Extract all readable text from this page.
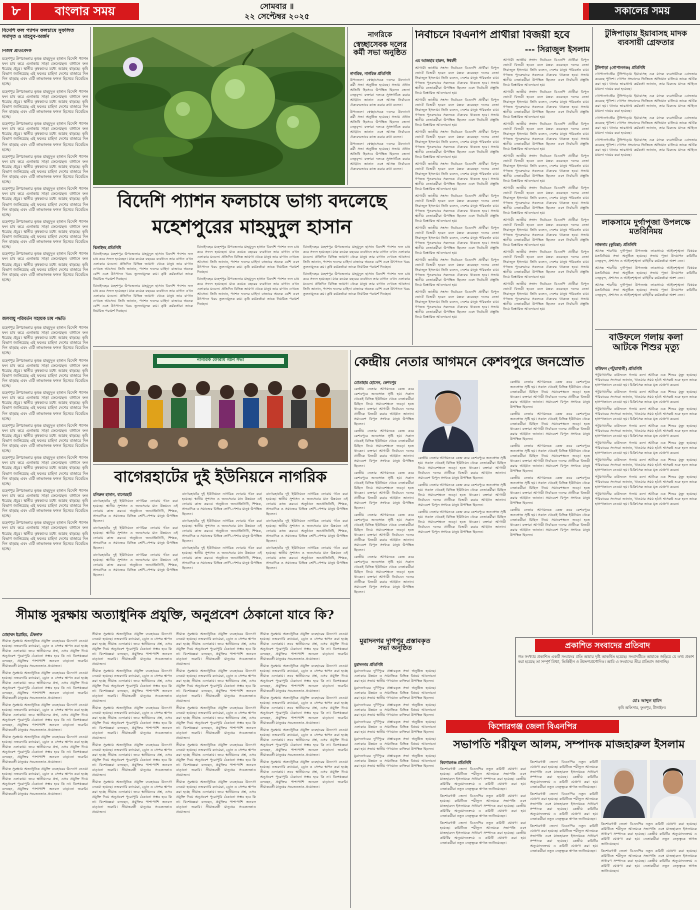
৮	বাংলার সময়	সোমবার ॥
২২ সেপ্টেম্বর ২০২৫	সকালের সময়
বিদেশি ফল প্যাশন ফলচাষে সুফলিত সমাদৃত ও মাহবুব-অর্জন
নিজস্ব প্রতিবেদক

মহেশপুর উপজেলার কৃষক মাহমুদুল হাসান বিদেশি প্যাশন ফল চাষ করে এলাকায় সাড়া ফেলেছেন। বাগানে ফল ধরেছে প্রচুর। স্থানীয় কৃষকদের মধ্যে আগ্রহ বাড়ছে। কৃষি বিভাগ জানিয়েছে এই ফলের চাহিদা দেশের বাজারে দিন দিন বাড়ছে এবং এটি লাভজনক ফসল হিসেবে বিবেচিত হচ্ছে।

মহেশপুর উপজেলার কৃষক মাহমুদুল হাসান বিদেশি প্যাশন ফল চাষ করে এলাকায় সাড়া ফেলেছেন। বাগানে ফল ধরেছে প্রচুর। স্থানীয় কৃষকদের মধ্যে আগ্রহ বাড়ছে। কৃষি বিভাগ জানিয়েছে এই ফলের চাহিদা দেশের বাজারে দিন দিন বাড়ছে এবং এটি লাভজনক ফসল হিসেবে বিবেচিত হচ্ছে।

মহেশপুর উপজেলার কৃষক মাহমুদুল হাসান বিদেশি প্যাশন ফল চাষ করে এলাকায় সাড়া ফেলেছেন। বাগানে ফল ধরেছে প্রচুর। স্থানীয় কৃষকদের মধ্যে আগ্রহ বাড়ছে। কৃষি বিভাগ জানিয়েছে এই ফলের চাহিদা দেশের বাজারে দিন দিন বাড়ছে এবং এটি লাভজনক ফসল হিসেবে বিবেচিত হচ্ছে।

মহেশপুর উপজেলার কৃষক মাহমুদুল হাসান বিদেশি প্যাশন ফল চাষ করে এলাকায় সাড়া ফেলেছেন। বাগানে ফল ধরেছে প্রচুর। স্থানীয় কৃষকদের মধ্যে আগ্রহ বাড়ছে। কৃষি বিভাগ জানিয়েছে এই ফলের চাহিদা দেশের বাজারে দিন দিন বাড়ছে এবং এটি লাভজনক ফসল হিসেবে বিবেচিত হচ্ছে।

মহেশপুর উপজেলার কৃষক মাহমুদুল হাসান বিদেশি প্যাশন ফল চাষ করে এলাকায় সাড়া ফেলেছেন। বাগানে ফল ধরেছে প্রচুর। স্থানীয় কৃষকদের মধ্যে আগ্রহ বাড়ছে। কৃষি বিভাগ জানিয়েছে এই ফলের চাহিদা দেশের বাজারে দিন দিন বাড়ছে এবং এটি লাভজনক ফসল হিসেবে বিবেচিত হচ্ছে।

মহেশপুর উপজেলার কৃষক মাহমুদুল হাসান বিদেশি প্যাশন ফল চাষ করে এলাকায় সাড়া ফেলেছেন। বাগানে ফল ধরেছে প্রচুর। স্থানীয় কৃষকদের মধ্যে আগ্রহ বাড়ছে। কৃষি বিভাগ জানিয়েছে এই ফলের চাহিদা দেশের বাজারে দিন দিন বাড়ছে এবং এটি লাভজনক ফসল হিসেবে বিবেচিত হচ্ছে।

মহেশপুর উপজেলার কৃষক মাহমুদুল হাসান বিদেশি প্যাশন ফল চাষ করে এলাকায় সাড়া ফেলেছেন। বাগানে ফল ধরেছে প্রচুর। স্থানীয় কৃষকদের মধ্যে আগ্রহ বাড়ছে। কৃষি বিভাগ জানিয়েছে এই ফলের চাহিদা দেশের বাজারে দিন দিন বাড়ছে এবং এটি লাভজনক ফসল হিসেবে বিবেচিত হচ্ছে।

জলবায়ু পরিবর্তন সহায়ক চাষ পদ্ধতি

মহেশপুর উপজেলার কৃষক মাহমুদুল হাসান বিদেশি প্যাশন ফল চাষ করে এলাকায় সাড়া ফেলেছেন। বাগানে ফল ধরেছে প্রচুর। স্থানীয় কৃষকদের মধ্যে আগ্রহ বাড়ছে। কৃষি বিভাগ জানিয়েছে এই ফলের চাহিদা দেশের বাজারে দিন দিন বাড়ছে এবং এটি লাভজনক ফসল হিসেবে বিবেচিত হচ্ছে।

মহেশপুর উপজেলার কৃষক মাহমুদুল হাসান বিদেশি প্যাশন ফল চাষ করে এলাকায় সাড়া ফেলেছেন। বাগানে ফল ধরেছে প্রচুর। স্থানীয় কৃষকদের মধ্যে আগ্রহ বাড়ছে। কৃষি বিভাগ জানিয়েছে এই ফলের চাহিদা দেশের বাজারে দিন দিন বাড়ছে এবং এটি লাভজনক ফসল হিসেবে বিবেচিত হচ্ছে।

মহেশপুর উপজেলার কৃষক মাহমুদুল হাসান বিদেশি প্যাশন ফল চাষ করে এলাকায় সাড়া ফেলেছেন। বাগানে ফল ধরেছে প্রচুর। স্থানীয় কৃষকদের মধ্যে আগ্রহ বাড়ছে। কৃষি বিভাগ জানিয়েছে এই ফলের চাহিদা দেশের বাজারে দিন দিন বাড়ছে এবং এটি লাভজনক ফসল হিসেবে বিবেচিত হচ্ছে।

মহেশপুর উপজেলার কৃষক মাহমুদুল হাসান বিদেশি প্যাশন ফল চাষ করে এলাকায় সাড়া ফেলেছেন। বাগানে ফল ধরেছে প্রচুর। স্থানীয় কৃষকদের মধ্যে আগ্রহ বাড়ছে। কৃষি বিভাগ জানিয়েছে এই ফলের চাহিদা দেশের বাজারে দিন দিন বাড়ছে এবং এটি লাভজনক ফসল হিসেবে বিবেচিত হচ্ছে।

মহেশপুর উপজেলার কৃষক মাহমুদুল হাসান বিদেশি প্যাশন ফল চাষ করে এলাকায় সাড়া ফেলেছেন। বাগানে ফল ধরেছে প্রচুর। স্থানীয় কৃষকদের মধ্যে আগ্রহ বাড়ছে। কৃষি বিভাগ জানিয়েছে এই ফলের চাহিদা দেশের বাজারে দিন দিন বাড়ছে এবং এটি লাভজনক ফসল হিসেবে বিবেচিত হচ্ছে।

মহেশপুর উপজেলার কৃষক মাহমুদুল হাসান বিদেশি প্যাশন ফল চাষ করে এলাকায় সাড়া ফেলেছেন। বাগানে ফল ধরেছে প্রচুর। স্থানীয় কৃষকদের মধ্যে আগ্রহ বাড়ছে। কৃষি বিভাগ জানিয়েছে এই ফলের চাহিদা দেশের বাজারে দিন দিন বাড়ছে এবং এটি লাভজনক ফসল হিসেবে বিবেচিত হচ্ছে।

মহেশপুর উপজেলার কৃষক মাহমুদুল হাসান বিদেশি প্যাশন ফল চাষ করে এলাকায় সাড়া ফেলেছেন। বাগানে ফল ধরেছে প্রচুর। স্থানীয় কৃষকদের মধ্যে আগ্রহ বাড়ছে। কৃষি বিভাগ জানিয়েছে এই ফলের চাহিদা দেশের বাজারে দিন দিন বাড়ছে এবং এটি লাভজনক ফসল হিসেবে বিবেচিত হচ্ছে।

নাগরিকে
স্বেচ্ছাসেবক দলের কর্মী সভা অনুষ্ঠিত
নাগরিক, নাগরিক প্রতিনিধি

উপজেলা স্বেচ্ছাসেবক দলের উদ্যোগে কর্মী সভা অনুষ্ঠিত হয়েছে। সভায় প্রধান অতিথি হিসেবে উপস্থিত ছিলেন জেলা নেতৃবৃন্দ। বক্তারা দলকে সুসংগঠিত করার আহ্বান জানান এবং আসন্ন নির্বাচনে ঐক্যবদ্ধভাবে কাজ করার কথা বলেন।

উপজেলা স্বেচ্ছাসেবক দলের উদ্যোগে কর্মী সভা অনুষ্ঠিত হয়েছে। সভায় প্রধান অতিথি হিসেবে উপস্থিত ছিলেন জেলা নেতৃবৃন্দ। বক্তারা দলকে সুসংগঠিত করার আহ্বান জানান এবং আসন্ন নির্বাচনে ঐক্যবদ্ধভাবে কাজ করার কথা বলেন।

উপজেলা স্বেচ্ছাসেবক দলের উদ্যোগে কর্মী সভা অনুষ্ঠিত হয়েছে। সভায় প্রধান অতিথি হিসেবে উপস্থিত ছিলেন জেলা নেতৃবৃন্দ। বক্তারা দলকে সুসংগঠিত করার আহ্বান জানান এবং আসন্ন নির্বাচনে ঐক্যবদ্ধভাবে কাজ করার কথা বলেন।

নির্বাচনে বিএনপি প্রার্থীরা বিজয়ী হবে
--- সিরাজুল ইসলাম
এম আজহার হারুন, ঈশ্বরদী

আগামী জাতীয় সংসদ নির্বাচনে বিএনপি প্রার্থীরা বিপুল ভোটে বিজয়ী হবেন বলে মন্তব্য করেছেন দলের নেতা সিরাজুল ইসলাম। তিনি বলেন, দেশের মানুষ পরিবর্তন চায়। গণতন্ত্র পুনরুদ্ধারে সকলকে ঐক্যবদ্ধ থাকতে হবে। সভায় স্থানীয় নেতাকর্মীরা উপস্থিত ছিলেন এবং নির্বাচনী প্রস্তুতি নিয়ে বিস্তারিত আলোচনা হয়।

আগামী জাতীয় সংসদ নির্বাচনে বিএনপি প্রার্থীরা বিপুল ভোটে বিজয়ী হবেন বলে মন্তব্য করেছেন দলের নেতা সিরাজুল ইসলাম। তিনি বলেন, দেশের মানুষ পরিবর্তন চায়। গণতন্ত্র পুনরুদ্ধারে সকলকে ঐক্যবদ্ধ থাকতে হবে। সভায় স্থানীয় নেতাকর্মীরা উপস্থিত ছিলেন এবং নির্বাচনী প্রস্তুতি নিয়ে বিস্তারিত আলোচনা হয়।

আগামী জাতীয় সংসদ নির্বাচনে বিএনপি প্রার্থীরা বিপুল ভোটে বিজয়ী হবেন বলে মন্তব্য করেছেন দলের নেতা সিরাজুল ইসলাম। তিনি বলেন, দেশের মানুষ পরিবর্তন চায়। গণতন্ত্র পুনরুদ্ধারে সকলকে ঐক্যবদ্ধ থাকতে হবে। সভায় স্থানীয় নেতাকর্মীরা উপস্থিত ছিলেন এবং নির্বাচনী প্রস্তুতি নিয়ে বিস্তারিত আলোচনা হয়।

আগামী জাতীয় সংসদ নির্বাচনে বিএনপি প্রার্থীরা বিপুল ভোটে বিজয়ী হবেন বলে মন্তব্য করেছেন দলের নেতা সিরাজুল ইসলাম। তিনি বলেন, দেশের মানুষ পরিবর্তন চায়। গণতন্ত্র পুনরুদ্ধারে সকলকে ঐক্যবদ্ধ থাকতে হবে। সভায় স্থানীয় নেতাকর্মীরা উপস্থিত ছিলেন এবং নির্বাচনী প্রস্তুতি নিয়ে বিস্তারিত আলোচনা হয়।

আগামী জাতীয় সংসদ নির্বাচনে বিএনপি প্রার্থীরা বিপুল ভোটে বিজয়ী হবেন বলে মন্তব্য করেছেন দলের নেতা সিরাজুল ইসলাম। তিনি বলেন, দেশের মানুষ পরিবর্তন চায়। গণতন্ত্র পুনরুদ্ধারে সকলকে ঐক্যবদ্ধ থাকতে হবে। সভায় স্থানীয় নেতাকর্মীরা উপস্থিত ছিলেন এবং নির্বাচনী প্রস্তুতি নিয়ে বিস্তারিত আলোচনা হয়।

আগামী জাতীয় সংসদ নির্বাচনে বিএনপি প্রার্থীরা বিপুল ভোটে বিজয়ী হবেন বলে মন্তব্য করেছেন দলের নেতা সিরাজুল ইসলাম। তিনি বলেন, দেশের মানুষ পরিবর্তন চায়। গণতন্ত্র পুনরুদ্ধারে সকলকে ঐক্যবদ্ধ থাকতে হবে। সভায় স্থানীয় নেতাকর্মীরা উপস্থিত ছিলেন এবং নির্বাচনী প্রস্তুতি নিয়ে বিস্তারিত আলোচনা হয়।

আগামী জাতীয় সংসদ নির্বাচনে বিএনপি প্রার্থীরা বিপুল ভোটে বিজয়ী হবেন বলে মন্তব্য করেছেন দলের নেতা সিরাজুল ইসলাম। তিনি বলেন, দেশের মানুষ পরিবর্তন চায়। গণতন্ত্র পুনরুদ্ধারে সকলকে ঐক্যবদ্ধ থাকতে হবে। সভায় স্থানীয় নেতাকর্মীরা উপস্থিত ছিলেন এবং নির্বাচনী প্রস্তুতি নিয়ে বিস্তারিত আলোচনা হয়।

আগামী জাতীয় সংসদ নির্বাচনে বিএনপি প্রার্থীরা বিপুল ভোটে বিজয়ী হবেন বলে মন্তব্য করেছেন দলের নেতা সিরাজুল ইসলাম। তিনি বলেন, দেশের মানুষ পরিবর্তন চায়। গণতন্ত্র পুনরুদ্ধারে সকলকে ঐক্যবদ্ধ থাকতে হবে। সভায় স্থানীয় নেতাকর্মীরা উপস্থিত ছিলেন এবং নির্বাচনী প্রস্তুতি নিয়ে বিস্তারিত আলোচনা হয়।

আগামী জাতীয় সংসদ নির্বাচনে বিএনপি প্রার্থীরা বিপুল ভোটে বিজয়ী হবেন বলে মন্তব্য করেছেন দলের নেতা সিরাজুল ইসলাম। তিনি বলেন, দেশের মানুষ পরিবর্তন চায়। গণতন্ত্র পুনরুদ্ধারে সকলকে ঐক্যবদ্ধ থাকতে হবে। সভায় স্থানীয় নেতাকর্মীরা উপস্থিত ছিলেন এবং নির্বাচনী প্রস্তুতি নিয়ে বিস্তারিত আলোচনা হয়।

আগামী জাতীয় সংসদ নির্বাচনে বিএনপি প্রার্থীরা বিপুল ভোটে বিজয়ী হবেন বলে মন্তব্য করেছেন দলের নেতা সিরাজুল ইসলাম। তিনি বলেন, দেশের মানুষ পরিবর্তন চায়। গণতন্ত্র পুনরুদ্ধারে সকলকে ঐক্যবদ্ধ থাকতে হবে। সভায় স্থানীয় নেতাকর্মীরা উপস্থিত ছিলেন এবং নির্বাচনী প্রস্তুতি নিয়ে বিস্তারিত আলোচনা হয়।

আগামী জাতীয় সংসদ নির্বাচনে বিএনপি প্রার্থীরা বিপুল ভোটে বিজয়ী হবেন বলে মন্তব্য করেছেন দলের নেতা সিরাজুল ইসলাম। তিনি বলেন, দেশের মানুষ পরিবর্তন চায়। গণতন্ত্র পুনরুদ্ধারে সকলকে ঐক্যবদ্ধ থাকতে হবে। সভায় স্থানীয় নেতাকর্মীরা উপস্থিত ছিলেন এবং নির্বাচনী প্রস্তুতি নিয়ে বিস্তারিত আলোচনা হয়।

আগামী জাতীয় সংসদ নির্বাচনে বিএনপি প্রার্থীরা বিপুল ভোটে বিজয়ী হবেন বলে মন্তব্য করেছেন দলের নেতা সিরাজুল ইসলাম। তিনি বলেন, দেশের মানুষ পরিবর্তন চায়। গণতন্ত্র পুনরুদ্ধারে সকলকে ঐক্যবদ্ধ থাকতে হবে। সভায় স্থানীয় নেতাকর্মীরা উপস্থিত ছিলেন এবং নির্বাচনী প্রস্তুতি নিয়ে বিস্তারিত আলোচনা হয়।

আগামী জাতীয় সংসদ নির্বাচনে বিএনপি প্রার্থীরা বিপুল ভোটে বিজয়ী হবেন বলে মন্তব্য করেছেন দলের নেতা সিরাজুল ইসলাম। তিনি বলেন, দেশের মানুষ পরিবর্তন চায়। গণতন্ত্র পুনরুদ্ধারে সকলকে ঐক্যবদ্ধ থাকতে হবে। সভায় স্থানীয় নেতাকর্মীরা উপস্থিত ছিলেন এবং নির্বাচনী প্রস্তুতি নিয়ে বিস্তারিত আলোচনা হয়।

আগামী জাতীয় সংসদ নির্বাচনে বিএনপি প্রার্থীরা বিপুল ভোটে বিজয়ী হবেন বলে মন্তব্য করেছেন দলের নেতা সিরাজুল ইসলাম। তিনি বলেন, দেশের মানুষ পরিবর্তন চায়। গণতন্ত্র পুনরুদ্ধারে সকলকে ঐক্যবদ্ধ থাকতে হবে। সভায় স্থানীয় নেতাকর্মীরা উপস্থিত ছিলেন এবং নির্বাচনী প্রস্তুতি নিয়ে বিস্তারিত আলোচনা হয়।

আগামী জাতীয় সংসদ নির্বাচনে বিএনপি প্রার্থীরা বিপুল ভোটে বিজয়ী হবেন বলে মন্তব্য করেছেন দলের নেতা সিরাজুল ইসলাম। তিনি বলেন, দেশের মানুষ পরিবর্তন চায়। গণতন্ত্র পুনরুদ্ধারে সকলকে ঐক্যবদ্ধ থাকতে হবে। সভায় স্থানীয় নেতাকর্মীরা উপস্থিত ছিলেন এবং নির্বাচনী প্রস্তুতি নিয়ে বিস্তারিত আলোচনা হয়।

আগামী জাতীয় সংসদ নির্বাচনে বিএনপি প্রার্থীরা বিপুল ভোটে বিজয়ী হবেন বলে মন্তব্য করেছেন দলের নেতা সিরাজুল ইসলাম। তিনি বলেন, দেশের মানুষ পরিবর্তন চায়। গণতন্ত্র পুনরুদ্ধারে সকলকে ঐক্যবদ্ধ থাকতে হবে। সভায় স্থানীয় নেতাকর্মীরা উপস্থিত ছিলেন এবং নির্বাচনী প্রস্তুতি নিয়ে বিস্তারিত আলোচনা হয়।

টুঙ্গিপাড়ায় ইয়াবাসহ মাদক ব্যবসায়ী গ্রেফতার
টুঙ্গিপাড়া (গোপালগঞ্জ) প্রতিনিধি

গোপালগঞ্জের টুঙ্গিপাড়ায় ইয়াবাসহ এক মাদক ব্যবসায়ীকে গ্রেফতার করেছে পুলিশ। গোপন সংবাদের ভিত্তিতে অভিযান চালিয়ে তাকে আটক করা হয়। থানার ভারপ্রাপ্ত কর্মকর্তা জানান, তার বিরুদ্ধে মাদক আইনে মামলা দায়ের করা হয়েছে।

গোপালগঞ্জের টুঙ্গিপাড়ায় ইয়াবাসহ এক মাদক ব্যবসায়ীকে গ্রেফতার করেছে পুলিশ। গোপন সংবাদের ভিত্তিতে অভিযান চালিয়ে তাকে আটক করা হয়। থানার ভারপ্রাপ্ত কর্মকর্তা জানান, তার বিরুদ্ধে মাদক আইনে মামলা দায়ের করা হয়েছে।

গোপালগঞ্জের টুঙ্গিপাড়ায় ইয়াবাসহ এক মাদক ব্যবসায়ীকে গ্রেফতার করেছে পুলিশ। গোপন সংবাদের ভিত্তিতে অভিযান চালিয়ে তাকে আটক করা হয়। থানার ভারপ্রাপ্ত কর্মকর্তা জানান, তার বিরুদ্ধে মাদক আইনে মামলা দায়ের করা হয়েছে।

গোপালগঞ্জের টুঙ্গিপাড়ায় ইয়াবাসহ এক মাদক ব্যবসায়ীকে গ্রেফতার করেছে পুলিশ। গোপন সংবাদের ভিত্তিতে অভিযান চালিয়ে তাকে আটক করা হয়। থানার ভারপ্রাপ্ত কর্মকর্তা জানান, তার বিরুদ্ধে মাদক আইনে মামলা দায়ের করা হয়েছে।

লাকসামে দুর্গাপূজা উপলক্ষে মতবিনিময়
লাকসাম (কুমিল্লা) প্রতিনিধি

আসন্ন শারদীয় দুর্গাপূজা উপলক্ষে লাকসামে আইনশৃঙ্খলা বিষয়ক মতবিনিময় সভা অনুষ্ঠিত হয়েছে। সভায় পূজা উদযাপন কমিটির নেতৃবৃন্দ, প্রশাসন ও আইনশৃঙ্খলা বাহিনীর কর্মকর্তারা অংশ নেন।

আসন্ন শারদীয় দুর্গাপূজা উপলক্ষে লাকসামে আইনশৃঙ্খলা বিষয়ক মতবিনিময় সভা অনুষ্ঠিত হয়েছে। সভায় পূজা উদযাপন কমিটির নেতৃবৃন্দ, প্রশাসন ও আইনশৃঙ্খলা বাহিনীর কর্মকর্তারা অংশ নেন।

আসন্ন শারদীয় দুর্গাপূজা উপলক্ষে লাকসামে আইনশৃঙ্খলা বিষয়ক মতবিনিময় সভা অনুষ্ঠিত হয়েছে। সভায় পূজা উদযাপন কমিটির নেতৃবৃন্দ, প্রশাসন ও আইনশৃঙ্খলা বাহিনীর কর্মকর্তারা অংশ নেন।

বাউফলে গলায় কলা আটকে শিশুর মৃত্যু
বাউফল (পটুয়াখালী) প্রতিনিধি

পটুয়াখালীর বাউফলে গলায় কলা আটকে এক শিশুর মৃত্যু হয়েছে। পরিবারের সদস্যরা জানান, খাওয়ার সময় হঠাৎ শ্বাসকষ্ট শুরু হলে তাকে হাসপাতালে নেওয়া হয়। চিকিৎসক তাকে মৃত ঘোষণা করেন।

পটুয়াখালীর বাউফলে গলায় কলা আটকে এক শিশুর মৃত্যু হয়েছে। পরিবারের সদস্যরা জানান, খাওয়ার সময় হঠাৎ শ্বাসকষ্ট শুরু হলে তাকে হাসপাতালে নেওয়া হয়। চিকিৎসক তাকে মৃত ঘোষণা করেন।

পটুয়াখালীর বাউফলে গলায় কলা আটকে এক শিশুর মৃত্যু হয়েছে। পরিবারের সদস্যরা জানান, খাওয়ার সময় হঠাৎ শ্বাসকষ্ট শুরু হলে তাকে হাসপাতালে নেওয়া হয়। চিকিৎসক তাকে মৃত ঘোষণা করেন।

পটুয়াখালীর বাউফলে গলায় কলা আটকে এক শিশুর মৃত্যু হয়েছে। পরিবারের সদস্যরা জানান, খাওয়ার সময় হঠাৎ শ্বাসকষ্ট শুরু হলে তাকে হাসপাতালে নেওয়া হয়। চিকিৎসক তাকে মৃত ঘোষণা করেন।

পটুয়াখালীর বাউফলে গলায় কলা আটকে এক শিশুর মৃত্যু হয়েছে। পরিবারের সদস্যরা জানান, খাওয়ার সময় হঠাৎ শ্বাসকষ্ট শুরু হলে তাকে হাসপাতালে নেওয়া হয়। চিকিৎসক তাকে মৃত ঘোষণা করেন।

পটুয়াখালীর বাউফলে গলায় কলা আটকে এক শিশুর মৃত্যু হয়েছে। পরিবারের সদস্যরা জানান, খাওয়ার সময় হঠাৎ শ্বাসকষ্ট শুরু হলে তাকে হাসপাতালে নেওয়া হয়। চিকিৎসক তাকে মৃত ঘোষণা করেন।

পটুয়াখালীর বাউফলে গলায় কলা আটকে এক শিশুর মৃত্যু হয়েছে। পরিবারের সদস্যরা জানান, খাওয়ার সময় হঠাৎ শ্বাসকষ্ট শুরু হলে তাকে হাসপাতালে নেওয়া হয়। চিকিৎসক তাকে মৃত ঘোষণা করেন।

পটুয়াখালীর বাউফলে গলায় কলা আটকে এক শিশুর মৃত্যু হয়েছে। পরিবারের সদস্যরা জানান, খাওয়ার সময় হঠাৎ শ্বাসকষ্ট শুরু হলে তাকে হাসপাতালে নেওয়া হয়। চিকিৎসক তাকে মৃত ঘোষণা করেন।

বিদেশি প্যাশন ফলচাষে ভাগ্য বদলেছে
মহেশপুরের মাহমুদুল হাসান
ঝিনাইদহ প্রতিনিধি

ঝিনাইদহের মহেশপুর উপজেলার মাহমুদুল হাসান বিদেশি প্যাশন ফল চাষ করে সফল হয়েছেন। মাত্র কয়েক বছরের ব্যবধানে তার বাগান এখন এলাকার মডেল। প্রতিদিন বিভিন্ন জায়গা থেকে মানুষ তার বাগান দেখতে আসেন। তিনি জানান, প্যাশন ফলের চাহিদা বাজারে অনেক বেশি এবং উৎপাদন খরচ তুলনামূলক কম। কৃষি কর্মকর্তারা তাকে নিয়মিত পরামর্শ দিচ্ছেন।

ঝিনাইদহের মহেশপুর উপজেলার মাহমুদুল হাসান বিদেশি প্যাশন ফল চাষ করে সফল হয়েছেন। মাত্র কয়েক বছরের ব্যবধানে তার বাগান এখন এলাকার মডেল। প্রতিদিন বিভিন্ন জায়গা থেকে মানুষ তার বাগান দেখতে আসেন। তিনি জানান, প্যাশন ফলের চাহিদা বাজারে অনেক বেশি এবং উৎপাদন খরচ তুলনামূলক কম। কৃষি কর্মকর্তারা তাকে নিয়মিত পরামর্শ দিচ্ছেন।

ঝিনাইদহের মহেশপুর উপজেলার মাহমুদুল হাসান বিদেশি প্যাশন ফল চাষ করে সফল হয়েছেন। মাত্র কয়েক বছরের ব্যবধানে তার বাগান এখন এলাকার মডেল। প্রতিদিন বিভিন্ন জায়গা থেকে মানুষ তার বাগান দেখতে আসেন। তিনি জানান, প্যাশন ফলের চাহিদা বাজারে অনেক বেশি এবং উৎপাদন খরচ তুলনামূলক কম। কৃষি কর্মকর্তারা তাকে নিয়মিত পরামর্শ দিচ্ছেন।

ঝিনাইদহের মহেশপুর উপজেলার মাহমুদুল হাসান বিদেশি প্যাশন ফল চাষ করে সফল হয়েছেন। মাত্র কয়েক বছরের ব্যবধানে তার বাগান এখন এলাকার মডেল। প্রতিদিন বিভিন্ন জায়গা থেকে মানুষ তার বাগান দেখতে আসেন। তিনি জানান, প্যাশন ফলের চাহিদা বাজারে অনেক বেশি এবং উৎপাদন খরচ তুলনামূলক কম। কৃষি কর্মকর্তারা তাকে নিয়মিত পরামর্শ দিচ্ছেন।

ঝিনাইদহের মহেশপুর উপজেলার মাহমুদুল হাসান বিদেশি প্যাশন ফল চাষ করে সফল হয়েছেন। মাত্র কয়েক বছরের ব্যবধানে তার বাগান এখন এলাকার মডেল। প্রতিদিন বিভিন্ন জায়গা থেকে মানুষ তার বাগান দেখতে আসেন। তিনি জানান, প্যাশন ফলের চাহিদা বাজারে অনেক বেশি এবং উৎপাদন খরচ তুলনামূলক কম। কৃষি কর্মকর্তারা তাকে নিয়মিত পরামর্শ দিচ্ছেন।

ঝিনাইদহের মহেশপুর উপজেলার মাহমুদুল হাসান বিদেশি প্যাশন ফল চাষ করে সফল হয়েছেন। মাত্র কয়েক বছরের ব্যবধানে তার বাগান এখন এলাকার মডেল। প্রতিদিন বিভিন্ন জায়গা থেকে মানুষ তার বাগান দেখতে আসেন। তিনি জানান, প্যাশন ফলের চাহিদা বাজারে অনেক বেশি এবং উৎপাদন খরচ তুলনামূলক কম। কৃষি কর্মকর্তারা তাকে নিয়মিত পরামর্শ দিচ্ছেন।

নাগরিক ফোরাম গঠন সভা
বাগেরহাটের দুই ইউনিয়নে নাগরিক
মনিরুল হাসান, বাগেরহাট

বাগেরহাটের দুই ইউনিয়নে নাগরিক ফোরাম গঠন করা হয়েছে। স্থানীয় সুশাসন ও জনসেবার মান উন্নয়নে এই ফোরাম কাজ করবে। অনুষ্ঠানে জনপ্রতিনিধি, শিক্ষক, সাংবাদিক ও সমাজের বিভিন্ন শ্রেণি-পেশার মানুষ উপস্থিত ছিলেন।

বাগেরহাটের দুই ইউনিয়নে নাগরিক ফোরাম গঠন করা হয়েছে। স্থানীয় সুশাসন ও জনসেবার মান উন্নয়নে এই ফোরাম কাজ করবে। অনুষ্ঠানে জনপ্রতিনিধি, শিক্ষক, সাংবাদিক ও সমাজের বিভিন্ন শ্রেণি-পেশার মানুষ উপস্থিত ছিলেন।

বাগেরহাটের দুই ইউনিয়নে নাগরিক ফোরাম গঠন করা হয়েছে। স্থানীয় সুশাসন ও জনসেবার মান উন্নয়নে এই ফোরাম কাজ করবে। অনুষ্ঠানে জনপ্রতিনিধি, শিক্ষক, সাংবাদিক ও সমাজের বিভিন্ন শ্রেণি-পেশার মানুষ উপস্থিত ছিলেন।

বাগেরহাটের দুই ইউনিয়নে নাগরিক ফোরাম গঠন করা হয়েছে। স্থানীয় সুশাসন ও জনসেবার মান উন্নয়নে এই ফোরাম কাজ করবে। অনুষ্ঠানে জনপ্রতিনিধি, শিক্ষক, সাংবাদিক ও সমাজের বিভিন্ন শ্রেণি-পেশার মানুষ উপস্থিত ছিলেন।

বাগেরহাটের দুই ইউনিয়নে নাগরিক ফোরাম গঠন করা হয়েছে। স্থানীয় সুশাসন ও জনসেবার মান উন্নয়নে এই ফোরাম কাজ করবে। অনুষ্ঠানে জনপ্রতিনিধি, শিক্ষক, সাংবাদিক ও সমাজের বিভিন্ন শ্রেণি-পেশার মানুষ উপস্থিত ছিলেন।

বাগেরহাটের দুই ইউনিয়নে নাগরিক ফোরাম গঠন করা হয়েছে। স্থানীয় সুশাসন ও জনসেবার মান উন্নয়নে এই ফোরাম কাজ করবে। অনুষ্ঠানে জনপ্রতিনিধি, শিক্ষক, সাংবাদিক ও সমাজের বিভিন্ন শ্রেণি-পেশার মানুষ উপস্থিত ছিলেন।

বাগেরহাটের দুই ইউনিয়নে নাগরিক ফোরাম গঠন করা হয়েছে। স্থানীয় সুশাসন ও জনসেবার মান উন্নয়নে এই ফোরাম কাজ করবে। অনুষ্ঠানে জনপ্রতিনিধি, শিক্ষক, সাংবাদিক ও সমাজের বিভিন্ন শ্রেণি-পেশার মানুষ উপস্থিত ছিলেন।

বাগেরহাটের দুই ইউনিয়নে নাগরিক ফোরাম গঠন করা হয়েছে। স্থানীয় সুশাসন ও জনসেবার মান উন্নয়নে এই ফোরাম কাজ করবে। অনুষ্ঠানে জনপ্রতিনিধি, শিক্ষক, সাংবাদিক ও সমাজের বিভিন্ন শ্রেণি-পেশার মানুষ উপস্থিত ছিলেন।

বাগেরহাটের দুই ইউনিয়নে নাগরিক ফোরাম গঠন করা হয়েছে। স্থানীয় সুশাসন ও জনসেবার মান উন্নয়নে এই ফোরাম কাজ করবে। অনুষ্ঠানে জনপ্রতিনিধি, শিক্ষক, সাংবাদিক ও সমাজের বিভিন্ন শ্রেণি-পেশার মানুষ উপস্থিত ছিলেন।

কেন্দ্রীয় নেতার আগমনে কেশবপুরে জনস্রোত
মোতাহার হোসেন, কেশবপুর

কেন্দ্রীয় নেতার আগমনকে কেন্দ্র করে কেশবপুরে জনস্রোত সৃষ্টি হয়। সকাল থেকেই বিভিন্ন ইউনিয়ন থেকে নেতাকর্মীরা মিছিল নিয়ে সমাবেশস্থলে জড়ো হতে থাকেন। বক্তারা আগামী নির্বাচনে দলের প্রার্থীকে বিজয়ী করার আহ্বান জানান। সমাবেশে বিপুল সংখ্যক মানুষ উপস্থিত ছিলেন।

কেন্দ্রীয় নেতার আগমনকে কেন্দ্র করে কেশবপুরে জনস্রোত সৃষ্টি হয়। সকাল থেকেই বিভিন্ন ইউনিয়ন থেকে নেতাকর্মীরা মিছিল নিয়ে সমাবেশস্থলে জড়ো হতে থাকেন। বক্তারা আগামী নির্বাচনে দলের প্রার্থীকে বিজয়ী করার আহ্বান জানান। সমাবেশে বিপুল সংখ্যক মানুষ উপস্থিত ছিলেন।

কেন্দ্রীয় নেতার আগমনকে কেন্দ্র করে কেশবপুরে জনস্রোত সৃষ্টি হয়। সকাল থেকেই বিভিন্ন ইউনিয়ন থেকে নেতাকর্মীরা মিছিল নিয়ে সমাবেশস্থলে জড়ো হতে থাকেন। বক্তারা আগামী নির্বাচনে দলের প্রার্থীকে বিজয়ী করার আহ্বান জানান। সমাবেশে বিপুল সংখ্যক মানুষ উপস্থিত ছিলেন।

কেন্দ্রীয় নেতার আগমনকে কেন্দ্র করে কেশবপুরে জনস্রোত সৃষ্টি হয়। সকাল থেকেই বিভিন্ন ইউনিয়ন থেকে নেতাকর্মীরা মিছিল নিয়ে সমাবেশস্থলে জড়ো হতে থাকেন। বক্তারা আগামী নির্বাচনে দলের প্রার্থীকে বিজয়ী করার আহ্বান জানান। সমাবেশে বিপুল সংখ্যক মানুষ উপস্থিত ছিলেন।

কেন্দ্রীয় নেতার আগমনকে কেন্দ্র করে কেশবপুরে জনস্রোত সৃষ্টি হয়। সকাল থেকেই বিভিন্ন ইউনিয়ন থেকে নেতাকর্মীরা মিছিল নিয়ে সমাবেশস্থলে জড়ো হতে থাকেন। বক্তারা আগামী নির্বাচনে দলের প্রার্থীকে বিজয়ী করার আহ্বান জানান। সমাবেশে বিপুল সংখ্যক মানুষ উপস্থিত ছিলেন।

কেন্দ্রীয় নেতার আগমনকে কেন্দ্র করে কেশবপুরে জনস্রোত সৃষ্টি হয়। সকাল থেকেই বিভিন্ন ইউনিয়ন থেকে নেতাকর্মীরা মিছিল নিয়ে সমাবেশস্থলে জড়ো হতে থাকেন। বক্তারা আগামী নির্বাচনে দলের প্রার্থীকে বিজয়ী করার আহ্বান জানান। সমাবেশে বিপুল সংখ্যক মানুষ উপস্থিত ছিলেন।

কেন্দ্রীয় নেতার আগমনকে কেন্দ্র করে কেশবপুরে জনস্রোত সৃষ্টি হয়। সকাল থেকেই বিভিন্ন ইউনিয়ন থেকে নেতাকর্মীরা মিছিল নিয়ে সমাবেশস্থলে জড়ো হতে থাকেন। বক্তারা আগামী নির্বাচনে দলের প্রার্থীকে বিজয়ী করার আহ্বান জানান। সমাবেশে বিপুল সংখ্যক মানুষ উপস্থিত ছিলেন।

কেন্দ্রীয় নেতার আগমনকে কেন্দ্র করে কেশবপুরে জনস্রোত সৃষ্টি হয়। সকাল থেকেই বিভিন্ন ইউনিয়ন থেকে নেতাকর্মীরা মিছিল নিয়ে সমাবেশস্থলে জড়ো হতে থাকেন। বক্তারা আগামী নির্বাচনে দলের প্রার্থীকে বিজয়ী করার আহ্বান জানান। সমাবেশে বিপুল সংখ্যক মানুষ উপস্থিত ছিলেন।

কেন্দ্রীয় নেতার আগমনকে কেন্দ্র করে কেশবপুরে জনস্রোত সৃষ্টি হয়। সকাল থেকেই বিভিন্ন ইউনিয়ন থেকে নেতাকর্মীরা মিছিল নিয়ে সমাবেশস্থলে জড়ো হতে থাকেন। বক্তারা আগামী নির্বাচনে দলের প্রার্থীকে বিজয়ী করার আহ্বান জানান। সমাবেশে বিপুল সংখ্যক মানুষ উপস্থিত ছিলেন।

কেন্দ্রীয় নেতার আগমনকে কেন্দ্র করে কেশবপুরে জনস্রোত সৃষ্টি হয়। সকাল থেকেই বিভিন্ন ইউনিয়ন থেকে নেতাকর্মীরা মিছিল নিয়ে সমাবেশস্থলে জড়ো হতে থাকেন। বক্তারা আগামী নির্বাচনে দলের প্রার্থীকে বিজয়ী করার আহ্বান জানান। সমাবেশে বিপুল সংখ্যক মানুষ উপস্থিত ছিলেন।

কেন্দ্রীয় নেতার আগমনকে কেন্দ্র করে কেশবপুরে জনস্রোত সৃষ্টি হয়। সকাল থেকেই বিভিন্ন ইউনিয়ন থেকে নেতাকর্মীরা মিছিল নিয়ে সমাবেশস্থলে জড়ো হতে থাকেন। বক্তারা আগামী নির্বাচনে দলের প্রার্থীকে বিজয়ী করার আহ্বান জানান। সমাবেশে বিপুল সংখ্যক মানুষ উপস্থিত ছিলেন।

কেন্দ্রীয় নেতার আগমনকে কেন্দ্র করে কেশবপুরে জনস্রোত সৃষ্টি হয়। সকাল থেকেই বিভিন্ন ইউনিয়ন থেকে নেতাকর্মীরা মিছিল নিয়ে সমাবেশস্থলে জড়ো হতে থাকেন। বক্তারা আগামী নির্বাচনে দলের প্রার্থীকে বিজয়ী করার আহ্বান জানান। সমাবেশে বিপুল সংখ্যক মানুষ উপস্থিত ছিলেন।

কেন্দ্রীয় নেতার আগমনকে কেন্দ্র করে কেশবপুরে জনস্রোত সৃষ্টি হয়। সকাল থেকেই বিভিন্ন ইউনিয়ন থেকে নেতাকর্মীরা মিছিল নিয়ে সমাবেশস্থলে জড়ো হতে থাকেন। বক্তারা আগামী নির্বাচনে দলের প্রার্থীকে বিজয়ী করার আহ্বান জানান। সমাবেশে বিপুল সংখ্যক মানুষ উপস্থিত ছিলেন।

সীমান্ত সুরক্ষায় অত্যাধুনিক প্রযুক্তি, অনুপ্রবেশ ঠেকানো যাবে কি?
মোহাম্মদ ইব্রাহিম, টেকনাফ

সীমান্ত সুরক্ষায় অত্যাধুনিক প্রযুক্তি ব্যবহারের উদ্যোগ নেওয়া হয়েছে। নজরদারি ক্যামেরা, ড্রোন ও সেন্সর স্থাপন করা হচ্ছে সীমান্ত এলাকায়। তবে স্থানীয়দের প্রশ্ন, এসব প্রযুক্তি দিয়ে অনুপ্রবেশ পুরোপুরি ঠেকানো সম্ভব হবে কি না। বিশেষজ্ঞরা বলছেন, প্রযুক্তির পাশাপাশি জনবল বাড়ানো জরুরি। সীমান্তবর্তী মানুষের সচেতনতাও প্রয়োজন।

সীমান্ত সুরক্ষায় অত্যাধুনিক প্রযুক্তি ব্যবহারের উদ্যোগ নেওয়া হয়েছে। নজরদারি ক্যামেরা, ড্রোন ও সেন্সর স্থাপন করা হচ্ছে সীমান্ত এলাকায়। তবে স্থানীয়দের প্রশ্ন, এসব প্রযুক্তি দিয়ে অনুপ্রবেশ পুরোপুরি ঠেকানো সম্ভব হবে কি না। বিশেষজ্ঞরা বলছেন, প্রযুক্তির পাশাপাশি জনবল বাড়ানো জরুরি। সীমান্তবর্তী মানুষের সচেতনতাও প্রয়োজন।

সীমান্ত সুরক্ষায় অত্যাধুনিক প্রযুক্তি ব্যবহারের উদ্যোগ নেওয়া হয়েছে। নজরদারি ক্যামেরা, ড্রোন ও সেন্সর স্থাপন করা হচ্ছে সীমান্ত এলাকায়। তবে স্থানীয়দের প্রশ্ন, এসব প্রযুক্তি দিয়ে অনুপ্রবেশ পুরোপুরি ঠেকানো সম্ভব হবে কি না। বিশেষজ্ঞরা বলছেন, প্রযুক্তির পাশাপাশি জনবল বাড়ানো জরুরি। সীমান্তবর্তী মানুষের সচেতনতাও প্রয়োজন।

সীমান্ত সুরক্ষায় অত্যাধুনিক প্রযুক্তি ব্যবহারের উদ্যোগ নেওয়া হয়েছে। নজরদারি ক্যামেরা, ড্রোন ও সেন্সর স্থাপন করা হচ্ছে সীমান্ত এলাকায়। তবে স্থানীয়দের প্রশ্ন, এসব প্রযুক্তি দিয়ে অনুপ্রবেশ পুরোপুরি ঠেকানো সম্ভব হবে কি না। বিশেষজ্ঞরা বলছেন, প্রযুক্তির পাশাপাশি জনবল বাড়ানো জরুরি। সীমান্তবর্তী মানুষের সচেতনতাও প্রয়োজন।

সীমান্ত সুরক্ষায় অত্যাধুনিক প্রযুক্তি ব্যবহারের উদ্যোগ নেওয়া হয়েছে। নজরদারি ক্যামেরা, ড্রোন ও সেন্সর স্থাপন করা হচ্ছে সীমান্ত এলাকায়। তবে স্থানীয়দের প্রশ্ন, এসব প্রযুক্তি দিয়ে অনুপ্রবেশ পুরোপুরি ঠেকানো সম্ভব হবে কি না। বিশেষজ্ঞরা বলছেন, প্রযুক্তির পাশাপাশি জনবল বাড়ানো জরুরি। সীমান্তবর্তী মানুষের সচেতনতাও প্রয়োজন।

সীমান্ত সুরক্ষায় অত্যাধুনিক প্রযুক্তি ব্যবহারের উদ্যোগ নেওয়া হয়েছে। নজরদারি ক্যামেরা, ড্রোন ও সেন্সর স্থাপন করা হচ্ছে সীমান্ত এলাকায়। তবে স্থানীয়দের প্রশ্ন, এসব প্রযুক্তি দিয়ে অনুপ্রবেশ পুরোপুরি ঠেকানো সম্ভব হবে কি না। বিশেষজ্ঞরা বলছেন, প্রযুক্তির পাশাপাশি জনবল বাড়ানো জরুরি। সীমান্তবর্তী মানুষের সচেতনতাও প্রয়োজন।

সীমান্ত সুরক্ষায় অত্যাধুনিক প্রযুক্তি ব্যবহারের উদ্যোগ নেওয়া হয়েছে। নজরদারি ক্যামেরা, ড্রোন ও সেন্সর স্থাপন করা হচ্ছে সীমান্ত এলাকায়। তবে স্থানীয়দের প্রশ্ন, এসব প্রযুক্তি দিয়ে অনুপ্রবেশ পুরোপুরি ঠেকানো সম্ভব হবে কি না। বিশেষজ্ঞরা বলছেন, প্রযুক্তির পাশাপাশি জনবল বাড়ানো জরুরি। সীমান্তবর্তী মানুষের সচেতনতাও প্রয়োজন।

সীমান্ত সুরক্ষায় অত্যাধুনিক প্রযুক্তি ব্যবহারের উদ্যোগ নেওয়া হয়েছে। নজরদারি ক্যামেরা, ড্রোন ও সেন্সর স্থাপন করা হচ্ছে সীমান্ত এলাকায়। তবে স্থানীয়দের প্রশ্ন, এসব প্রযুক্তি দিয়ে অনুপ্রবেশ পুরোপুরি ঠেকানো সম্ভব হবে কি না। বিশেষজ্ঞরা বলছেন, প্রযুক্তির পাশাপাশি জনবল বাড়ানো জরুরি। সীমান্তবর্তী মানুষের সচেতনতাও প্রয়োজন।

সীমান্ত সুরক্ষায় অত্যাধুনিক প্রযুক্তি ব্যবহারের উদ্যোগ নেওয়া হয়েছে। নজরদারি ক্যামেরা, ড্রোন ও সেন্সর স্থাপন করা হচ্ছে সীমান্ত এলাকায়। তবে স্থানীয়দের প্রশ্ন, এসব প্রযুক্তি দিয়ে অনুপ্রবেশ পুরোপুরি ঠেকানো সম্ভব হবে কি না। বিশেষজ্ঞরা বলছেন, প্রযুক্তির পাশাপাশি জনবল বাড়ানো জরুরি। সীমান্তবর্তী মানুষের সচেতনতাও প্রয়োজন।

সীমান্ত সুরক্ষায় অত্যাধুনিক প্রযুক্তি ব্যবহারের উদ্যোগ নেওয়া হয়েছে। নজরদারি ক্যামেরা, ড্রোন ও সেন্সর স্থাপন করা হচ্ছে সীমান্ত এলাকায়। তবে স্থানীয়দের প্রশ্ন, এসব প্রযুক্তি দিয়ে অনুপ্রবেশ পুরোপুরি ঠেকানো সম্ভব হবে কি না। বিশেষজ্ঞরা বলছেন, প্রযুক্তির পাশাপাশি জনবল বাড়ানো জরুরি। সীমান্তবর্তী মানুষের সচেতনতাও প্রয়োজন।

সীমান্ত সুরক্ষায় অত্যাধুনিক প্রযুক্তি ব্যবহারের উদ্যোগ নেওয়া হয়েছে। নজরদারি ক্যামেরা, ড্রোন ও সেন্সর স্থাপন করা হচ্ছে সীমান্ত এলাকায়। তবে স্থানীয়দের প্রশ্ন, এসব প্রযুক্তি দিয়ে অনুপ্রবেশ পুরোপুরি ঠেকানো সম্ভব হবে কি না। বিশেষজ্ঞরা বলছেন, প্রযুক্তির পাশাপাশি জনবল বাড়ানো জরুরি। সীমান্তবর্তী মানুষের সচেতনতাও প্রয়োজন।

সীমান্ত সুরক্ষায় অত্যাধুনিক প্রযুক্তি ব্যবহারের উদ্যোগ নেওয়া হয়েছে। নজরদারি ক্যামেরা, ড্রোন ও সেন্সর স্থাপন করা হচ্ছে সীমান্ত এলাকায়। তবে স্থানীয়দের প্রশ্ন, এসব প্রযুক্তি দিয়ে অনুপ্রবেশ পুরোপুরি ঠেকানো সম্ভব হবে কি না। বিশেষজ্ঞরা বলছেন, প্রযুক্তির পাশাপাশি জনবল বাড়ানো জরুরি। সীমান্তবর্তী মানুষের সচেতনতাও প্রয়োজন।

সীমান্ত সুরক্ষায় অত্যাধুনিক প্রযুক্তি ব্যবহারের উদ্যোগ নেওয়া হয়েছে। নজরদারি ক্যামেরা, ড্রোন ও সেন্সর স্থাপন করা হচ্ছে সীমান্ত এলাকায়। তবে স্থানীয়দের প্রশ্ন, এসব প্রযুক্তি দিয়ে অনুপ্রবেশ পুরোপুরি ঠেকানো সম্ভব হবে কি না। বিশেষজ্ঞরা বলছেন, প্রযুক্তির পাশাপাশি জনবল বাড়ানো জরুরি। সীমান্তবর্তী মানুষের সচেতনতাও প্রয়োজন।

সীমান্ত সুরক্ষায় অত্যাধুনিক প্রযুক্তি ব্যবহারের উদ্যোগ নেওয়া হয়েছে। নজরদারি ক্যামেরা, ড্রোন ও সেন্সর স্থাপন করা হচ্ছে সীমান্ত এলাকায়। তবে স্থানীয়দের প্রশ্ন, এসব প্রযুক্তি দিয়ে অনুপ্রবেশ পুরোপুরি ঠেকানো সম্ভব হবে কি না। বিশেষজ্ঞরা বলছেন, প্রযুক্তির পাশাপাশি জনবল বাড়ানো জরুরি। সীমান্তবর্তী মানুষের সচেতনতাও প্রয়োজন।

সীমান্ত সুরক্ষায় অত্যাধুনিক প্রযুক্তি ব্যবহারের উদ্যোগ নেওয়া হয়েছে। নজরদারি ক্যামেরা, ড্রোন ও সেন্সর স্থাপন করা হচ্ছে সীমান্ত এলাকায়। তবে স্থানীয়দের প্রশ্ন, এসব প্রযুক্তি দিয়ে অনুপ্রবেশ পুরোপুরি ঠেকানো সম্ভব হবে কি না। বিশেষজ্ঞরা বলছেন, প্রযুক্তির পাশাপাশি জনবল বাড়ানো জরুরি। সীমান্তবর্তী মানুষের সচেতনতাও প্রয়োজন।

সীমান্ত সুরক্ষায় অত্যাধুনিক প্রযুক্তি ব্যবহারের উদ্যোগ নেওয়া হয়েছে। নজরদারি ক্যামেরা, ড্রোন ও সেন্সর স্থাপন করা হচ্ছে সীমান্ত এলাকায়। তবে স্থানীয়দের প্রশ্ন, এসব প্রযুক্তি দিয়ে অনুপ্রবেশ পুরোপুরি ঠেকানো সম্ভব হবে কি না। বিশেষজ্ঞরা বলছেন, প্রযুক্তির পাশাপাশি জনবল বাড়ানো জরুরি। সীমান্তবর্তী মানুষের সচেতনতাও প্রয়োজন।

সীমান্ত সুরক্ষায় অত্যাধুনিক প্রযুক্তি ব্যবহারের উদ্যোগ নেওয়া হয়েছে। নজরদারি ক্যামেরা, ড্রোন ও সেন্সর স্থাপন করা হচ্ছে সীমান্ত এলাকায়। তবে স্থানীয়দের প্রশ্ন, এসব প্রযুক্তি দিয়ে অনুপ্রবেশ পুরোপুরি ঠেকানো সম্ভব হবে কি না। বিশেষজ্ঞরা বলছেন, প্রযুক্তির পাশাপাশি জনবল বাড়ানো জরুরি। সীমান্তবর্তী মানুষের সচেতনতাও প্রয়োজন।

সীমান্ত সুরক্ষায় অত্যাধুনিক প্রযুক্তি ব্যবহারের উদ্যোগ নেওয়া হয়েছে। নজরদারি ক্যামেরা, ড্রোন ও সেন্সর স্থাপন করা হচ্ছে সীমান্ত এলাকায়। তবে স্থানীয়দের প্রশ্ন, এসব প্রযুক্তি দিয়ে অনুপ্রবেশ পুরোপুরি ঠেকানো সম্ভব হবে কি না। বিশেষজ্ঞরা বলছেন, প্রযুক্তির পাশাপাশি জনবল বাড়ানো জরুরি। সীমান্তবর্তী মানুষের সচেতনতাও প্রয়োজন।

সীমান্ত সুরক্ষায় অত্যাধুনিক প্রযুক্তি ব্যবহারের উদ্যোগ নেওয়া হয়েছে। নজরদারি ক্যামেরা, ড্রোন ও সেন্সর স্থাপন করা হচ্ছে সীমান্ত এলাকায়। তবে স্থানীয়দের প্রশ্ন, এসব প্রযুক্তি দিয়ে অনুপ্রবেশ পুরোপুরি ঠেকানো সম্ভব হবে কি না। বিশেষজ্ঞরা বলছেন, প্রযুক্তির পাশাপাশি জনবল বাড়ানো জরুরি। সীমান্তবর্তী মানুষের সচেতনতাও প্রয়োজন।

সীমান্ত সুরক্ষায় অত্যাধুনিক প্রযুক্তি ব্যবহারের উদ্যোগ নেওয়া হয়েছে। নজরদারি ক্যামেরা, ড্রোন ও সেন্সর স্থাপন করা হচ্ছে সীমান্ত এলাকায়। তবে স্থানীয়দের প্রশ্ন, এসব প্রযুক্তি দিয়ে অনুপ্রবেশ পুরোপুরি ঠেকানো সম্ভব হবে কি না। বিশেষজ্ঞরা বলছেন, প্রযুক্তির পাশাপাশি জনবল বাড়ানো জরুরি। সীমান্তবর্তী মানুষের সচেতনতাও প্রয়োজন।

মুরাদনগর দুর্গিপুর প্রস্তাবকৃত সভা অনুষ্ঠিত
মুরাদনগর প্রতিনিধি

মুরাদনগরের দুর্গিপুরে প্রস্তাবকৃত সভা অনুষ্ঠিত হয়েছে। এলাকার উন্নয়ন ও সামাজিক বিভিন্ন বিষয়ে আলোচনা করা হয়। সভায় স্থানীয় গণ্যমান্য ব্যক্তিরা উপস্থিত ছিলেন।

মুরাদনগরের দুর্গিপুরে প্রস্তাবকৃত সভা অনুষ্ঠিত হয়েছে। এলাকার উন্নয়ন ও সামাজিক বিভিন্ন বিষয়ে আলোচনা করা হয়। সভায় স্থানীয় গণ্যমান্য ব্যক্তিরা উপস্থিত ছিলেন।

মুরাদনগরের দুর্গিপুরে প্রস্তাবকৃত সভা অনুষ্ঠিত হয়েছে। এলাকার উন্নয়ন ও সামাজিক বিভিন্ন বিষয়ে আলোচনা করা হয়। সভায় স্থানীয় গণ্যমান্য ব্যক্তিরা উপস্থিত ছিলেন।

মুরাদনগরের দুর্গিপুরে প্রস্তাবকৃত সভা অনুষ্ঠিত হয়েছে। এলাকার উন্নয়ন ও সামাজিক বিভিন্ন বিষয়ে আলোচনা করা হয়। সভায় স্থানীয় গণ্যমান্য ব্যক্তিরা উপস্থিত ছিলেন।

মুরাদনগরের দুর্গিপুরে প্রস্তাবকৃত সভা অনুষ্ঠিত হয়েছে। এলাকার উন্নয়ন ও সামাজিক বিভিন্ন বিষয়ে আলোচনা করা হয়। সভায় স্থানীয় গণ্যমান্য ব্যক্তিরা উপস্থিত ছিলেন।

মুরাদনগরের দুর্গিপুরে প্রস্তাবকৃত সভা অনুষ্ঠিত হয়েছে। এলাকার উন্নয়ন ও সামাজিক বিভিন্ন বিষয়ে আলোচনা করা হয়। সভায় স্থানীয় গণ্যমান্য ব্যক্তিরা উপস্থিত ছিলেন।

প্রকাশিত সংবাদের প্রতিবাদ

গত সংখ্যায় প্রকাশিত একটি সংবাদের প্রতি আমার দৃষ্টি আকর্ষিত হয়েছে। সংবাদটিতে আমাকে জড়িয়ে যে তথ্য প্রকাশ করা হয়েছে তা সম্পূর্ণ মিথ্যা, ভিত্তিহীন ও উদ্দেশ্যপ্রণোদিত। আমি এ সংবাদের তীব্র প্রতিবাদ জানাচ্ছি।

মোঃ আব্দুল হামিদ
কৃষি অফিসার, ফুলপুর, টাঙ্গাইল।
কিশোরগঞ্জ জেলা বিএনপির
সভাপতি শরীফুল আলম, সম্পাদক মাজহারুল ইসলাম
কিশোরগঞ্জ প্রতিনিধি

কিশোরগঞ্জ জেলা বিএনপির নতুন কমিটি ঘোষণা করা হয়েছে। কমিটিতে শরীফুল আলমকে সভাপতি এবং মাজহারুল ইসলামকে সাধারণ সম্পাদক করা হয়েছে। কেন্দ্রীয় কমিটির অনুমোদনক্রমে এ কমিটি ঘোষণা করা হয়। নেতাকর্মীরা নতুন নেতৃত্বকে স্বাগত জানিয়েছেন।

কিশোরগঞ্জ জেলা বিএনপির নতুন কমিটি ঘোষণা করা হয়েছে। কমিটিতে শরীফুল আলমকে সভাপতি এবং মাজহারুল ইসলামকে সাধারণ সম্পাদক করা হয়েছে। কেন্দ্রীয় কমিটির অনুমোদনক্রমে এ কমিটি ঘোষণা করা হয়। নেতাকর্মীরা নতুন নেতৃত্বকে স্বাগত জানিয়েছেন।

কিশোরগঞ্জ জেলা বিএনপির নতুন কমিটি ঘোষণা করা হয়েছে। কমিটিতে শরীফুল আলমকে সভাপতি এবং মাজহারুল ইসলামকে সাধারণ সম্পাদক করা হয়েছে। কেন্দ্রীয় কমিটির অনুমোদনক্রমে এ কমিটি ঘোষণা করা হয়। নেতাকর্মীরা নতুন নেতৃত্বকে স্বাগত জানিয়েছেন।

কিশোরগঞ্জ জেলা বিএনপির নতুন কমিটি ঘোষণা করা হয়েছে। কমিটিতে শরীফুল আলমকে সভাপতি এবং মাজহারুল ইসলামকে সাধারণ সম্পাদক করা হয়েছে। কেন্দ্রীয় কমিটির অনুমোদনক্রমে এ কমিটি ঘোষণা করা হয়। নেতাকর্মীরা নতুন নেতৃত্বকে স্বাগত জানিয়েছেন।

কিশোরগঞ্জ জেলা বিএনপির নতুন কমিটি ঘোষণা করা হয়েছে। কমিটিতে শরীফুল আলমকে সভাপতি এবং মাজহারুল ইসলামকে সাধারণ সম্পাদক করা হয়েছে। কেন্দ্রীয় কমিটির অনুমোদনক্রমে এ কমিটি ঘোষণা করা হয়। নেতাকর্মীরা নতুন নেতৃত্বকে স্বাগত জানিয়েছেন।

কিশোরগঞ্জ জেলা বিএনপির নতুন কমিটি ঘোষণা করা হয়েছে। কমিটিতে শরীফুল আলমকে সভাপতি এবং মাজহারুল ইসলামকে সাধারণ সম্পাদক করা হয়েছে। কেন্দ্রীয় কমিটির অনুমোদনক্রমে এ কমিটি ঘোষণা করা হয়। নেতাকর্মীরা নতুন নেতৃত্বকে স্বাগত জানিয়েছেন।

কিশোরগঞ্জ জেলা বিএনপির নতুন কমিটি ঘোষণা করা হয়েছে। কমিটিতে শরীফুল আলমকে সভাপতি এবং মাজহারুল ইসলামকে সাধারণ সম্পাদক করা হয়েছে। কেন্দ্রীয় কমিটির অনুমোদনক্রমে এ কমিটি ঘোষণা করা হয়। নেতাকর্মীরা নতুন নেতৃত্বকে স্বাগত জানিয়েছেন।

কিশোরগঞ্জ জেলা বিএনপির নতুন কমিটি ঘোষণা করা হয়েছে। কমিটিতে শরীফুল আলমকে সভাপতি এবং মাজহারুল ইসলামকে সাধারণ সম্পাদক করা হয়েছে। কেন্দ্রীয় কমিটির অনুমোদনক্রমে এ কমিটি ঘোষণা করা হয়। নেতাকর্মীরা নতুন নেতৃত্বকে স্বাগত জানিয়েছেন।
